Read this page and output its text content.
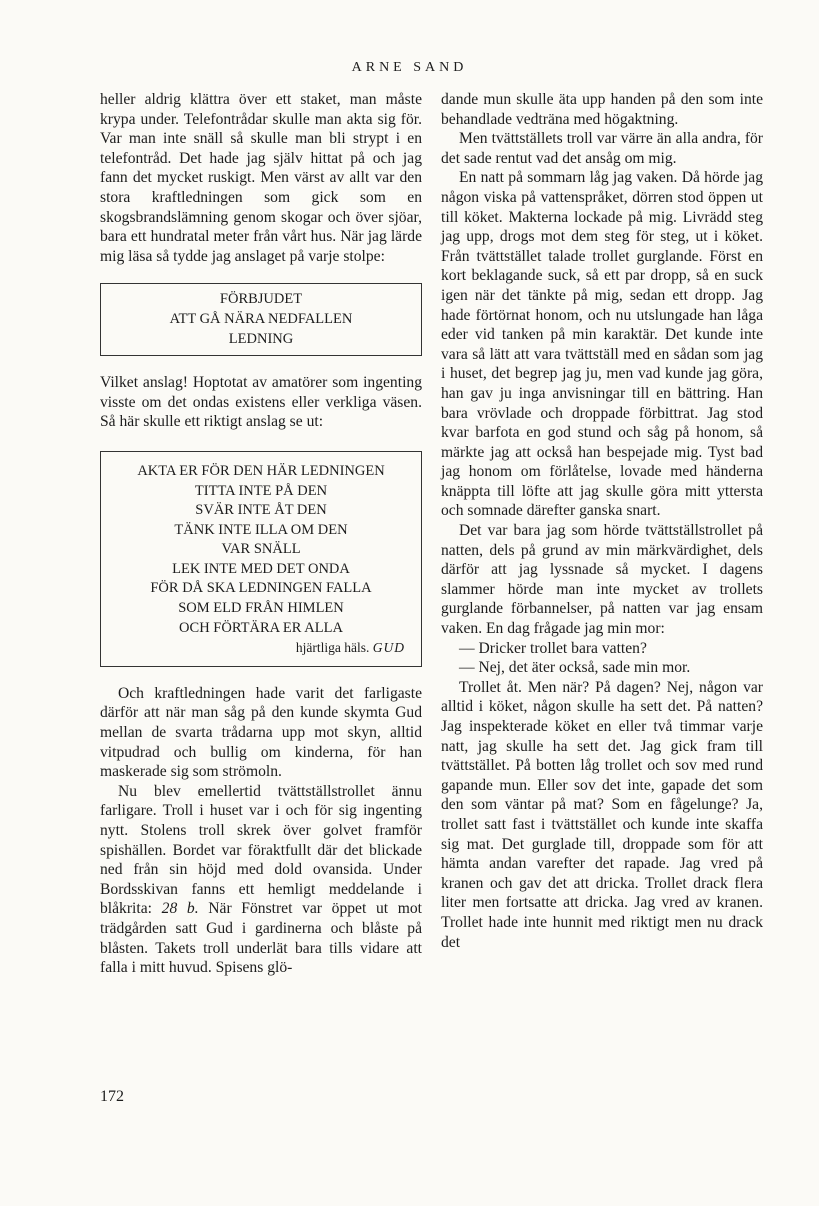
ARNE SAND

heller aldrig klättra över ett staket, man måste krypa under. Telefontrådar skulle man akta sig för. Var man inte snäll så skulle man bli strypt i en telefontråd. Det hade jag själv hittat på och jag fann det mycket ruskigt. Men värst av allt var den stora kraftledningen som gick som en skogsbrandslämning genom skogar och över sjöar, bara ett hundratal meter från vårt hus. När jag lärde mig läsa så tydde jag anslaget på varje stolpe:

FÖRBJUDET
ATT GÅ NÄRA NEDFALLEN
LEDNING

Vilket anslag! Hoptotat av amatörer som ingenting visste om det ondas existens eller verkliga väsen. Så här skulle ett riktigt anslag se ut:

AKTA ER FÖR DEN HÄR LEDNINGEN
TITTA INTE PÅ DEN
SVÄR INTE ÅT DEN
TÄNK INTE ILLA OM DEN
VAR SNÄLL
LEK INTE MED DET ONDA
FÖR DÅ SKA LEDNINGEN FALLA
SOM ELD FRÅN HIMLEN
OCH FÖRTÄRA ER ALLA
hjärtliga häls. GUD

Och kraftledningen hade varit det farligaste därför att när man såg på den kunde skymta Gud mellan de svarta trådarna upp mot skyn, alltid vitpudrad och bullig om kinderna, för han maskerade sig som strömoln.

Nu blev emellertid tvättställstrollet ännu farligare. Troll i huset var i och för sig ingenting nytt. Stolens troll skrek över golvet framför spishällen. Bordet var föraktfullt där det blickade ned från sin höjd med dold ovansida. Under Bordsskivan fanns ett hemligt meddelande i blåkrita: 28 b. När Fönstret var öppet ut mot trädgården satt Gud i gardinerna och blåste på blåsten. Takets troll underlät bara tills vidare att falla i mitt huvud. Spisens glö-

dande mun skulle äta upp handen på den som inte behandlade vedträna med högaktning.

Men tvättställets troll var värre än alla andra, för det sade rentut vad det ansåg om mig.

En natt på sommarn låg jag vaken. Då hörde jag någon viska på vattenspråket, dörren stod öppen ut till köket. Makterna lockade på mig. Livrädd steg jag upp, drogs mot dem steg för steg, ut i köket. Från tvättstället talade trollet gurglande. Först en kort beklagande suck, så ett par dropp, så en suck igen när det tänkte på mig, sedan ett dropp. Jag hade förtörnat honom, och nu utslungade han låga eder vid tanken på min karaktär. Det kunde inte vara så lätt att vara tvättställ med en sådan som jag i huset, det begrep jag ju, men vad kunde jag göra, han gav ju inga anvisningar till en bättring. Han bara vrövlade och droppade förbittrat. Jag stod kvar barfota en god stund och såg på honom, så märkte jag att också han bespejade mig. Tyst bad jag honom om förlåtelse, lovade med händerna knäppta till löfte att jag skulle göra mitt yttersta och somnade därefter ganska snart.

Det var bara jag som hörde tvättställstrollet på natten, dels på grund av min märkvärdighet, dels därför att jag lyssnade så mycket. I dagens slammer hörde man inte mycket av trollets gurglande förbannelser, på natten var jag ensam vaken. En dag frågade jag min mor:

— Dricker trollet bara vatten?

— Nej, det äter också, sade min mor.

Trollet åt. Men när? På dagen? Nej, någon var alltid i köket, någon skulle ha sett det. På natten? Jag inspekterade köket en eller två timmar varje natt, jag skulle ha sett det. Jag gick fram till tvättstället. På botten låg trollet och sov med rund gapande mun. Eller sov det inte, gapade det som den som väntar på mat? Som en fågelunge? Ja, trollet satt fast i tvättstället och kunde inte skaffa sig mat. Det gurglade till, droppade som för att hämta andan varefter det rapade. Jag vred på kranen och gav det att dricka. Trollet drack flera liter men fortsatte att dricka. Jag vred av kranen. Trollet hade inte hunnit med riktigt men nu drack det

172
